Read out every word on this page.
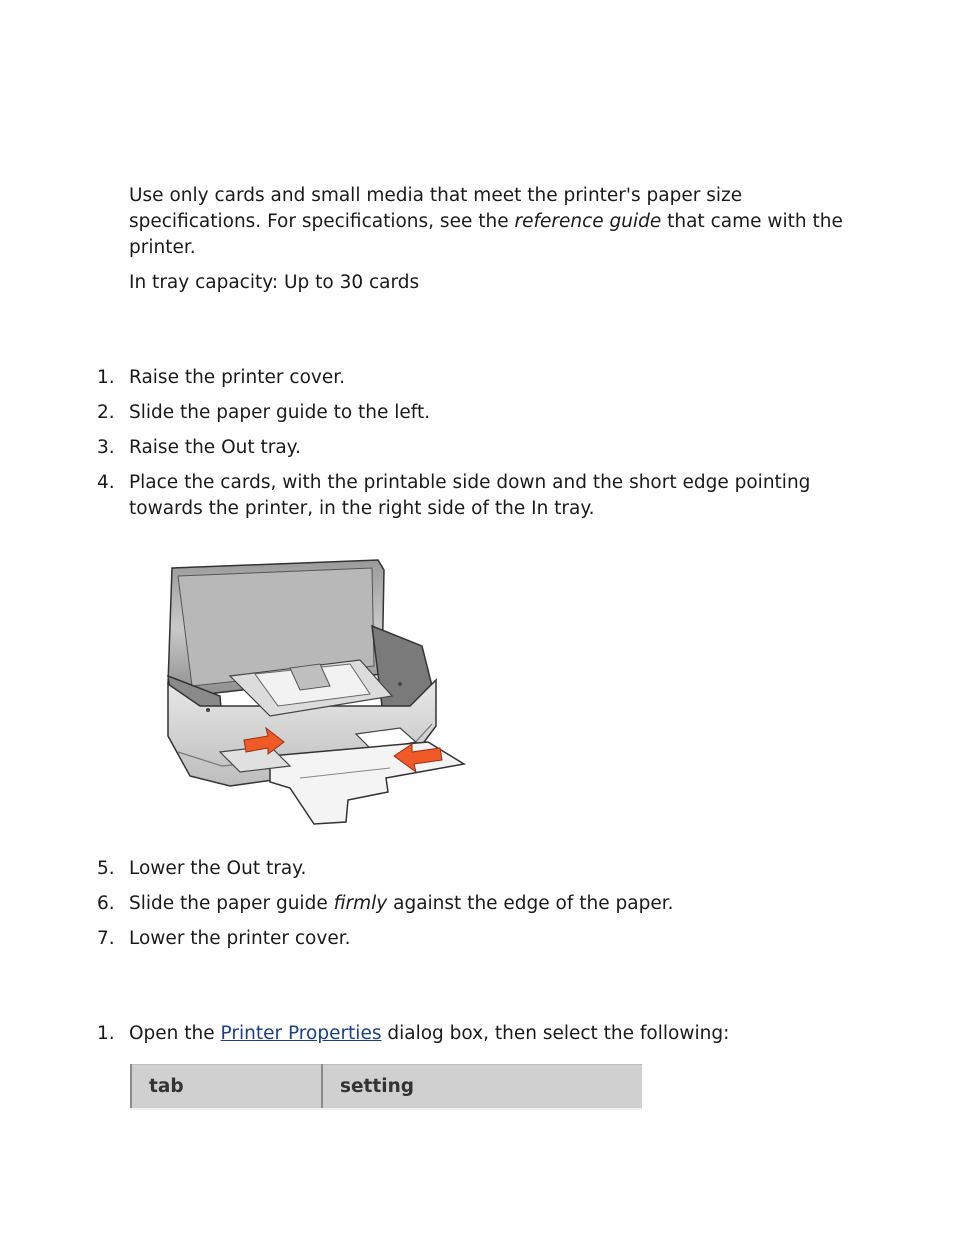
Use only cards and small media that meet the printer's paper size specifications. For specifications, see the reference guide that came with the printer.
In tray capacity: Up to 30 cards
1. Raise the printer cover.
2. Slide the paper guide to the left.
3. Raise the Out tray.
4. Place the cards, with the printable side down and the short edge pointing towards the printer, in the right side of the In tray.
5. Lower the Out tray.
6. Slide the paper guide firmly against the edge of the paper.
7. Lower the printer cover.
1. Open the Printer Properties dialog box, then select the following:
tab	setting
